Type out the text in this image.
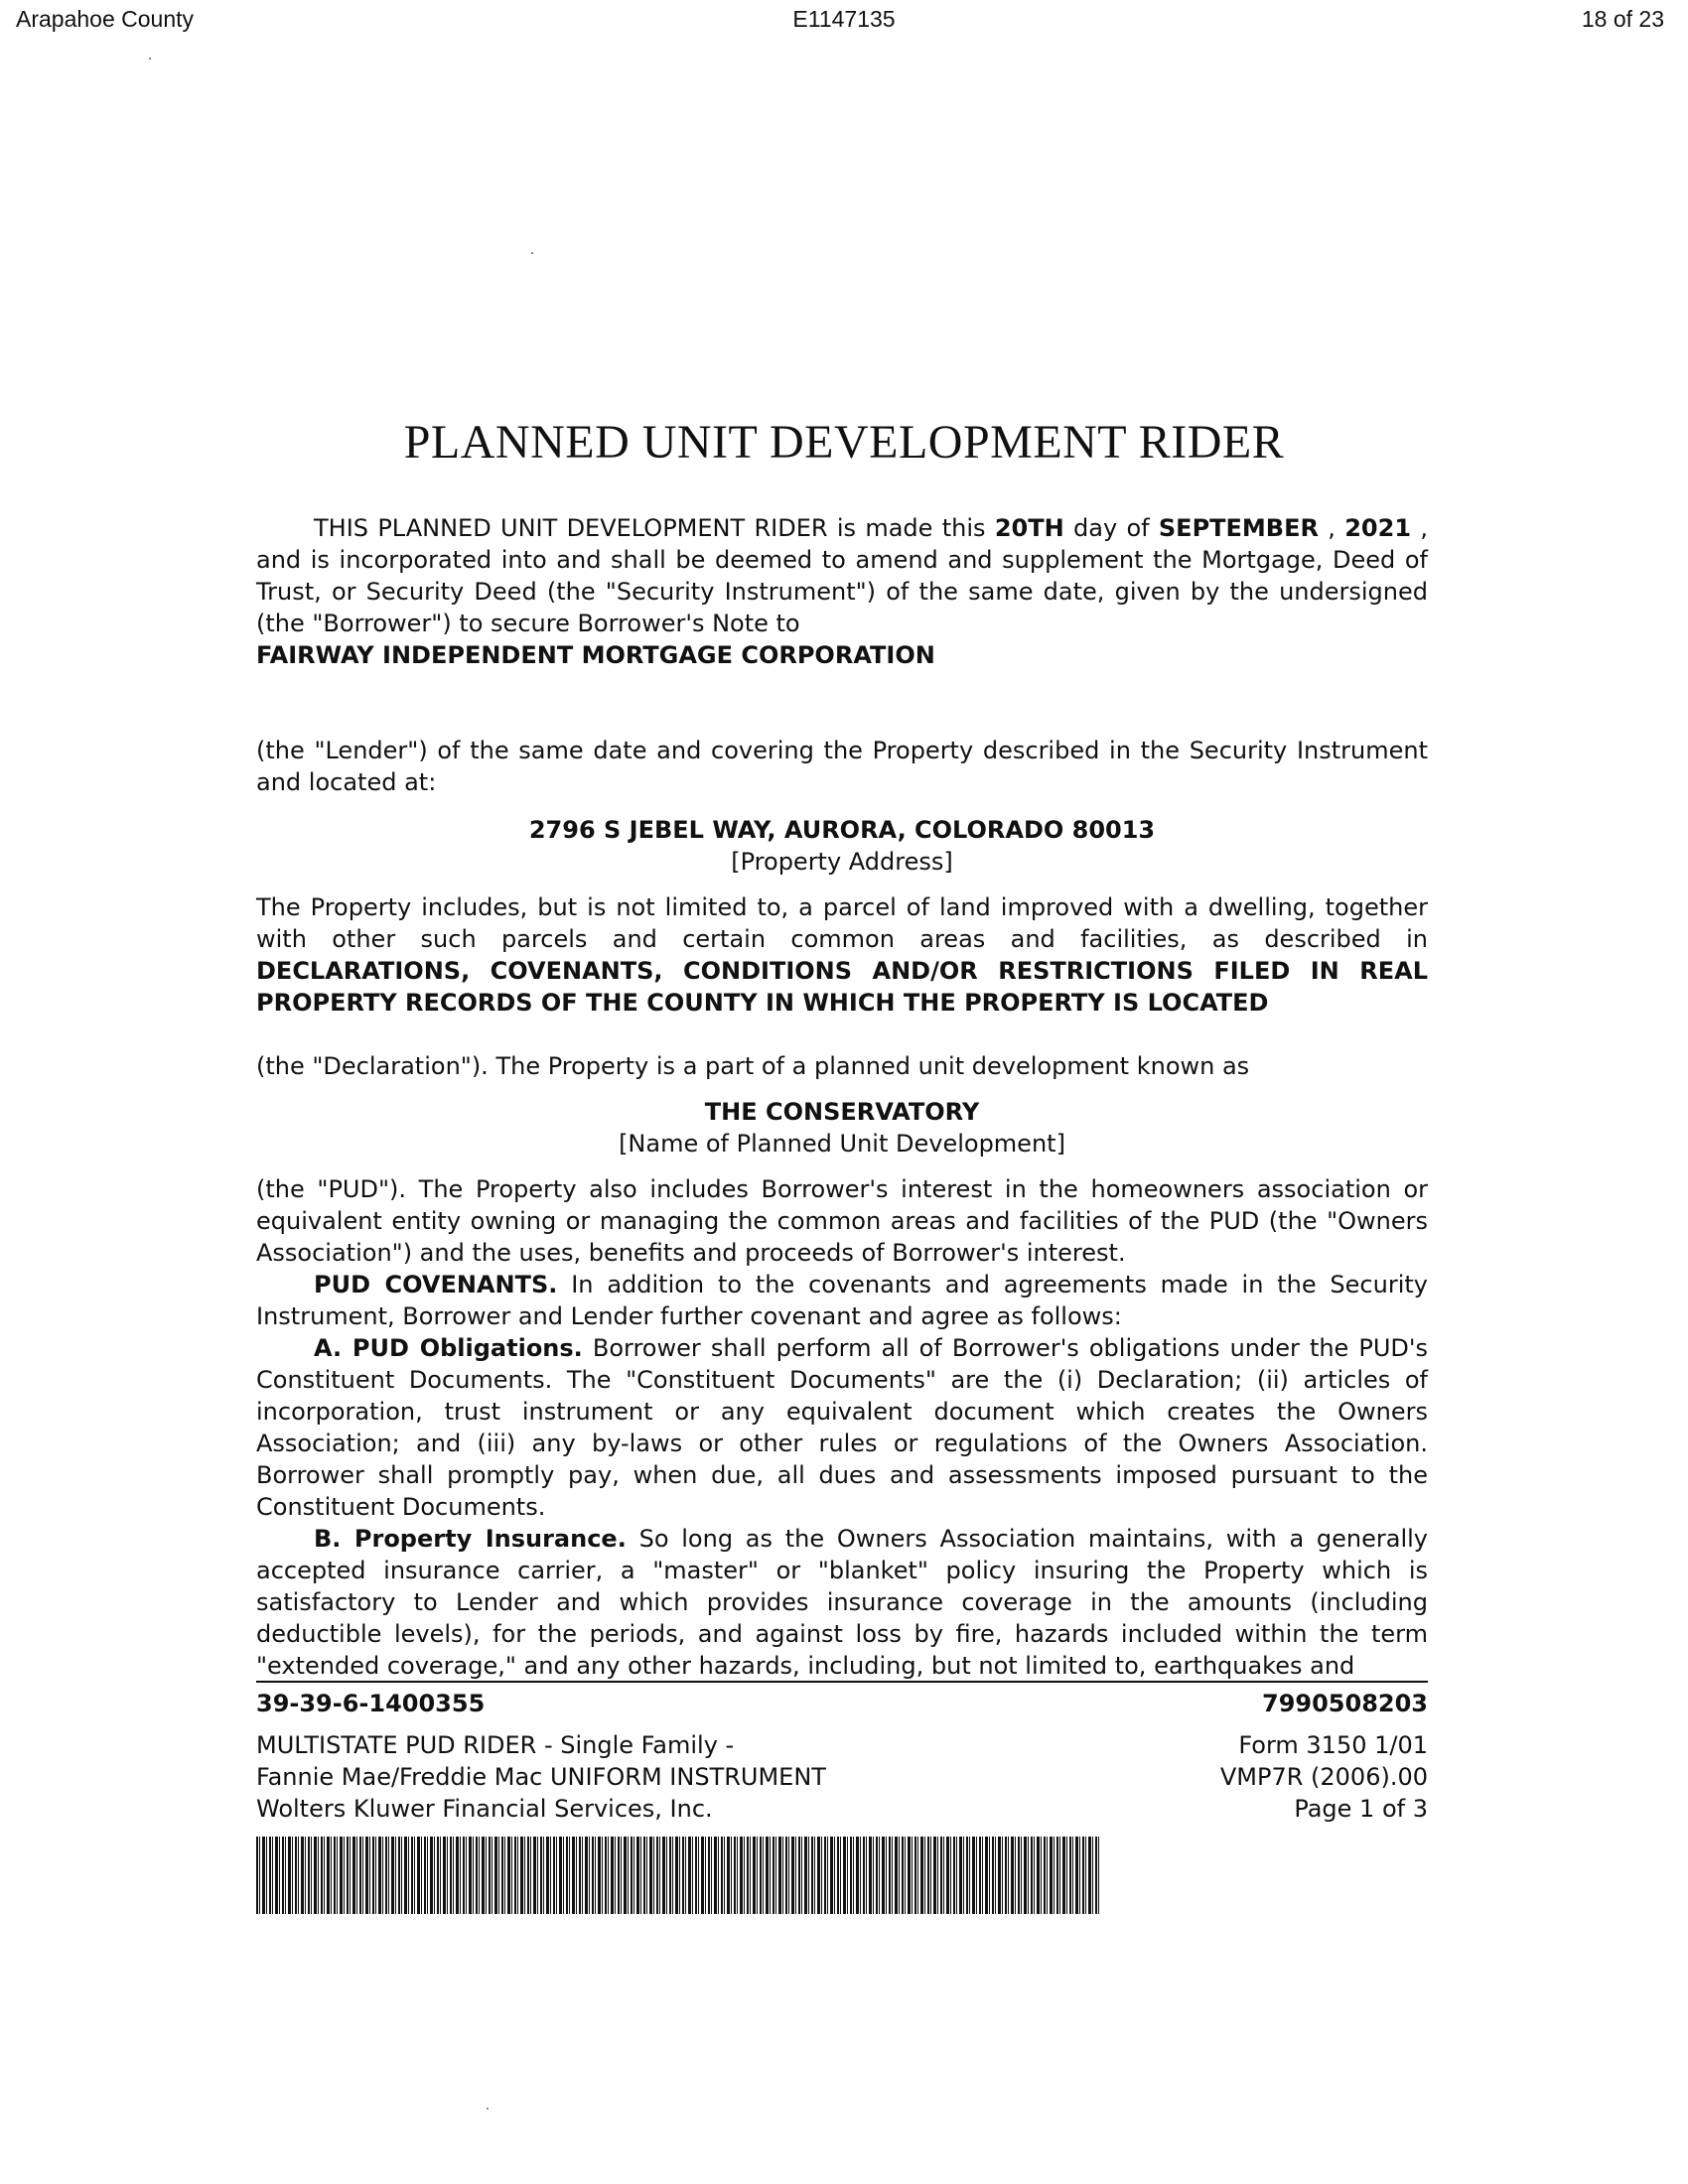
Arapahoe County	E1147135	18 of 23
PLANNED UNIT DEVELOPMENT RIDER

THIS PLANNED UNIT DEVELOPMENT RIDER is made this 20TH day of SEPTEMBER , 2021 , and is incorporated into and shall be deemed to amend and supplement the Mortgage, Deed of Trust, or Security Deed (the "Security Instrument") of the same date, given by the undersigned (the "Borrower") to secure Borrower's Note to

FAIRWAY INDEPENDENT MORTGAGE CORPORATION

(the "Lender") of the same date and covering the Property described in the Security Instrument and located at:

2796 S JEBEL WAY, AURORA, COLORADO 80013

[Property Address]

The Property includes, but is not limited to, a parcel of land improved with a dwelling, together with other such parcels and certain common areas and facilities, as described in DECLARATIONS, COVENANTS, CONDITIONS AND/OR RESTRICTIONS FILED IN REAL PROPERTY RECORDS OF THE COUNTY IN WHICH THE PROPERTY IS LOCATED

(the "Declaration"). The Property is a part of a planned unit development known as

THE CONSERVATORY

[Name of Planned Unit Development]

(the "PUD"). The Property also includes Borrower's interest in the homeowners association or equivalent entity owning or managing the common areas and facilities of the PUD (the "Owners Association") and the uses, benefits and proceeds of Borrower's interest.

PUD COVENANTS. In addition to the covenants and agreements made in the Security Instrument, Borrower and Lender further covenant and agree as follows:

A. PUD Obligations. Borrower shall perform all of Borrower's obligations under the PUD's Constituent Documents. The "Constituent Documents" are the (i) Declaration; (ii) articles of incorporation, trust instrument or any equivalent document which creates the Owners Association; and (iii) any by-laws or other rules or regulations of the Owners Association. Borrower shall promptly pay, when due, all dues and assessments imposed pursuant to the Constituent Documents.

B. Property Insurance. So long as the Owners Association maintains, with a generally accepted insurance carrier, a "master" or "blanket" policy insuring the Property which is satisfactory to Lender and which provides insurance coverage in the amounts (including deductible levels), for the periods, and against loss by fire, hazards included within the term "extended coverage," and any other hazards, including, but not limited to, earthquakes and

39-39-6-1400355

MULTISTATE PUD RIDER - Single Family -

Fannie Mae/Freddie Mac UNIFORM INSTRUMENT

Wolters Kluwer Financial Services, Inc.

7990508203

Form 3150 1/01

VMP7R (2006).00

Page 1 of 3
